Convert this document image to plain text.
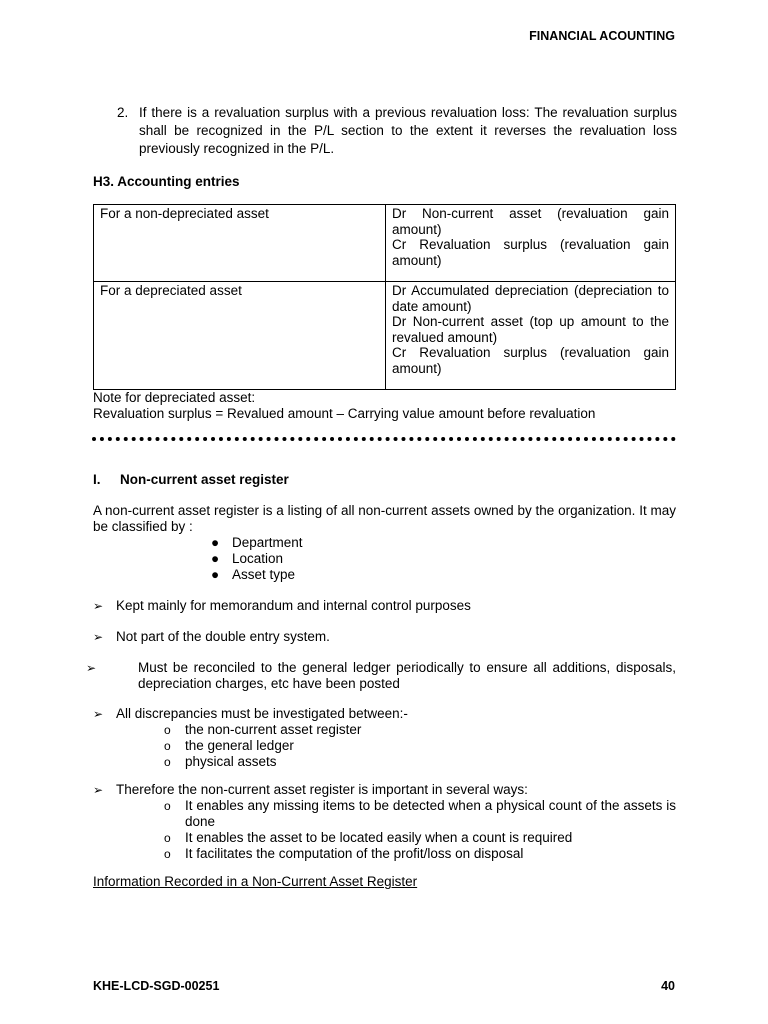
FINANCIAL ACOUNTING
2. If there is a revaluation surplus with a previous revaluation loss: The revaluation surplus shall be recognized in the P/L section to the extent it reverses the revaluation loss previously recognized in the P/L.
H3. Accounting entries
For a non-depreciated asset	Dr Non-current asset (revaluation gain amount)
Cr Revaluation surplus (revaluation gain amount)

For a depreciated asset	Dr Accumulated depreciation (depreciation to date amount)
Dr Non-current asset (top up amount to the revalued amount)
Cr Revaluation surplus (revaluation gain amount)
Note for depreciated asset:
Revaluation surplus = Revalued amount – Carrying value amount before revaluation
I. Non-current asset register
A non-current asset register is a listing of all non-current assets owned by the organization. It may be classified by :
● Department
● Location
● Asset type
➢ Kept mainly for memorandum and internal control purposes
➢ Not part of the double entry system.
➢	Must be reconciled to the general ledger periodically to ensure all additions, disposals, depreciation charges, etc have been posted
➢ All discrepancies must be investigated between:-
o the non-current asset register
o the general ledger
o physical assets
➢ Therefore the non-current asset register is important in several ways:
o It enables any missing items to be detected when a physical count of the assets is done
o It enables the asset to be located easily when a count is required
o It facilitates the computation of the profit/loss on disposal
Information Recorded in a Non-Current Asset Register
KHE-LCD-SGD-00251	40
